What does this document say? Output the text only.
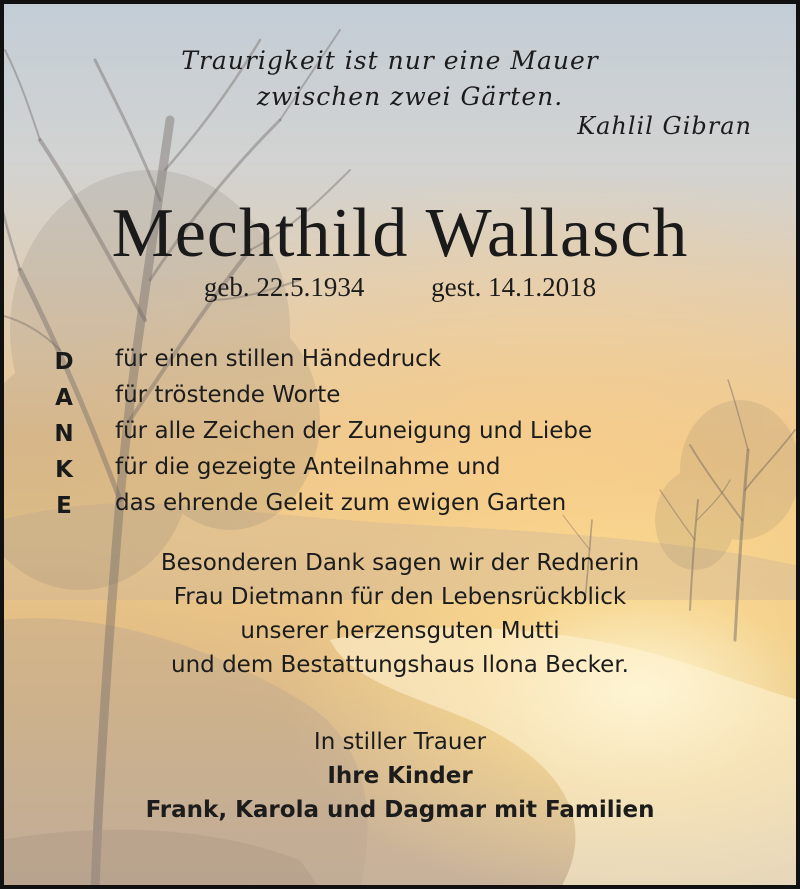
Traurigkeit ist nur eine Mauer
zwischen zwei Gärten.
Kahlil Gibran
Mechthild Wallasch
geb. 22.5.1934 gest. 14.1.2018
D
A
N
K
E
für einen stillen Händedruck
für tröstende Worte
für alle Zeichen der Zuneigung und Liebe
für die gezeigte Anteilnahme und
das ehrende Geleit zum ewigen Garten
Besonderen Dank sagen wir der Rednerin
Frau Dietmann für den Lebensrückblick
unserer herzensguten Mutti
und dem Bestattungshaus Ilona Becker.
In stiller Trauer
Ihre Kinder
Frank, Karola und Dagmar mit Familien
